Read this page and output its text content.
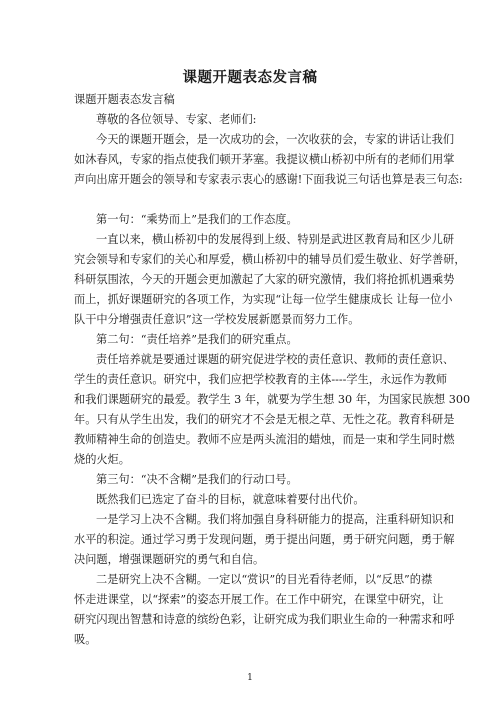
课题开题表态发言稿
课题开题表态发言稿
尊敬的各位领导、专家、老师们:
今天的课题开题会，是一次成功的会，一次收获的会，专家的讲话让我们
如沐春风，专家的指点使我们顿开茅塞。我提议横山桥初中所有的老师们用掌
声向出席开题会的领导和专家表示衷心的感谢!下面我说三句话也算是表三句态:
第一句：“乘势而上”是我们的工作态度。
一直以来，横山桥初中的发展得到上级、特别是武进区教育局和区少儿研
究会领导和专家们的关心和厚爱，横山桥初中的辅导员们爱生敬业、好学善研，
科研氛围浓，今天的开题会更加激起了大家的研究激情，我们将抢抓机遇乘势
而上，抓好课题研究的各项工作，为实现“让每一位学生健康成长 让每一位小
队干中分增强责任意识”这一学校发展新愿景而努力工作。
第二句：“责任培养”是我们的研究重点。
责任培养就是要通过课题的研究促进学校的责任意识、教师的责任意识、
学生的责任意识。研究中，我们应把学校教育的主体----学生，永远作为教师
和我们课题研究的最爱。教学生 3 年，就要为学生想 30 年，为国家民族想 300
年。只有从学生出发，我们的研究才不会是无根之草、无性之花。教育科研是
教师精神生命的创造史。教师不应是两头流泪的蜡烛，而是一束和学生同时燃
烧的火炬。
第三句：“决不含糊”是我们的行动口号。
既然我们已选定了奋斗的目标，就意味着要付出代价。
一是学习上决不含糊。我们将加强自身科研能力的提高，注重科研知识和
水平的积淀。通过学习勇于发现问题，勇于提出问题，勇于研究问题，勇于解
决问题，增强课题研究的勇气和自信。
二是研究上决不含糊。一定以“赏识”的目光看待老师，以“反思”的襟
怀走进课堂，以“探索”的姿态开展工作。在工作中研究，在课堂中研究，让
研究闪现出智慧和诗意的缤纷色彩，让研究成为我们职业生命的一种需求和呼
吸。
1
